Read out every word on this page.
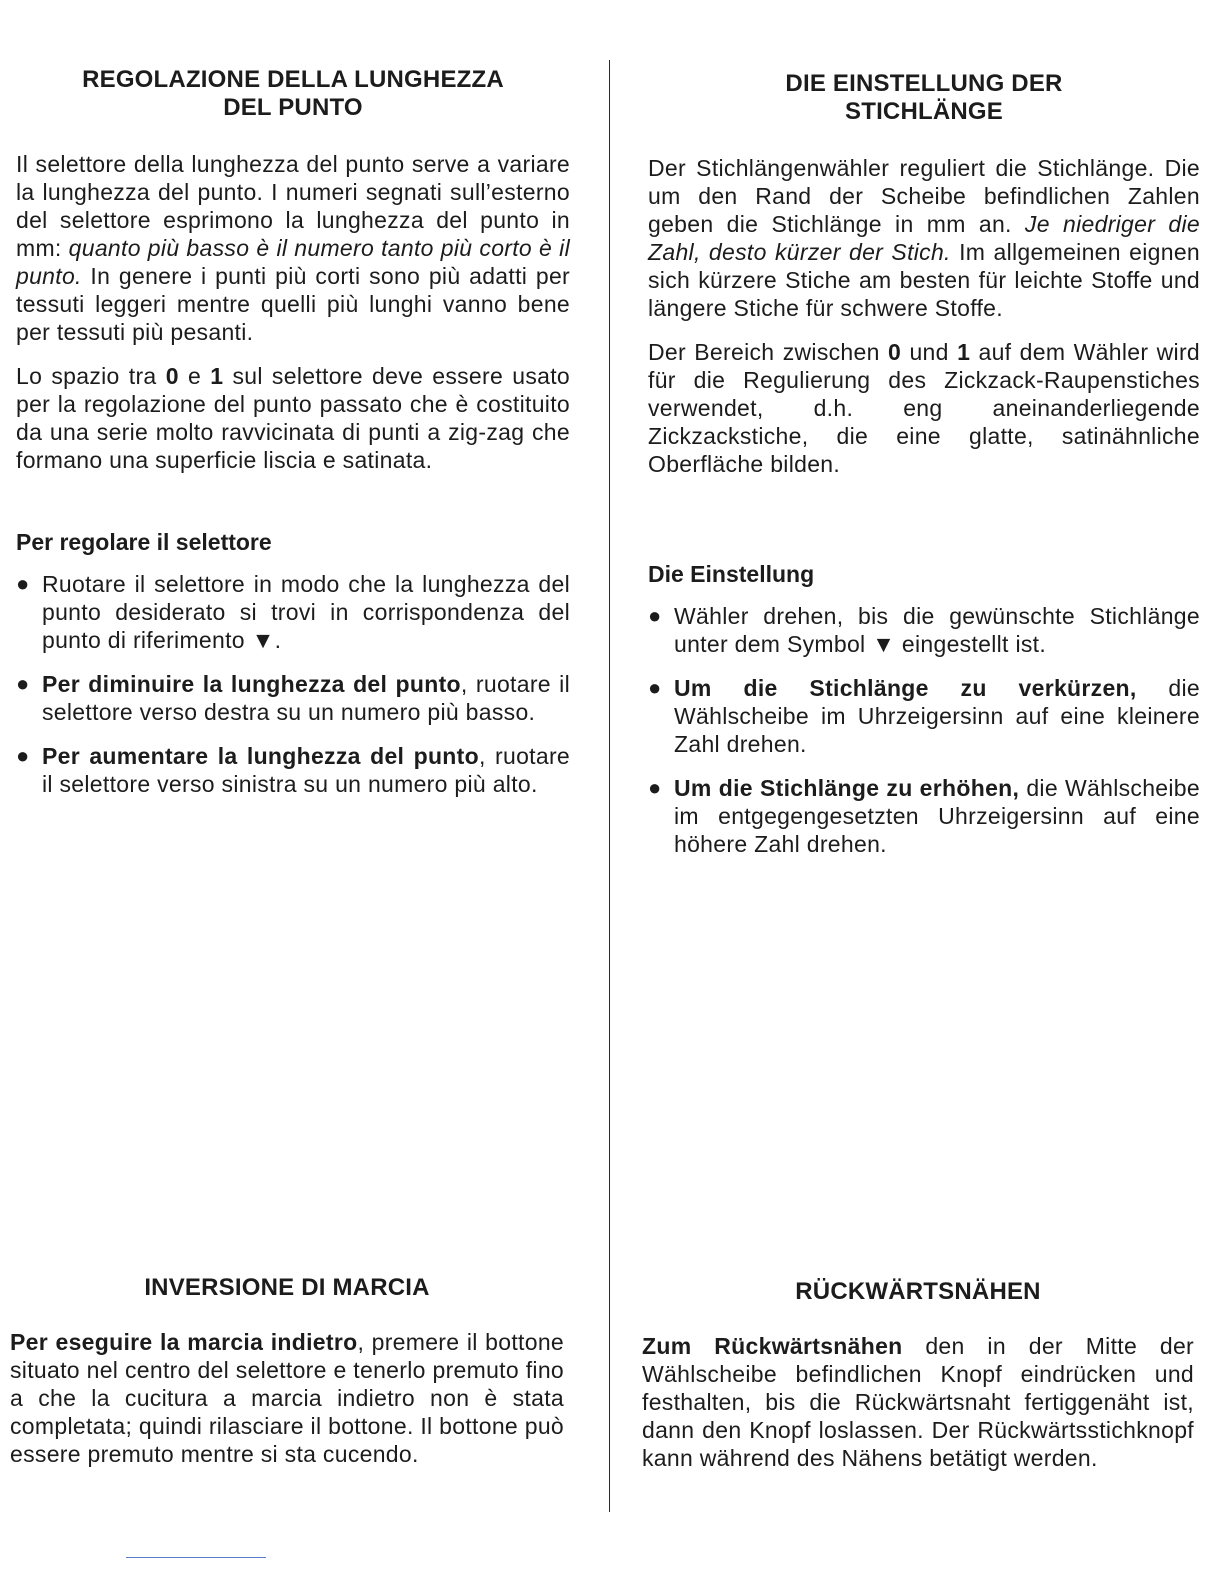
REGOLAZIONE DELLA LUNGHEZZA
DEL PUNTO

Il selettore della lunghezza del punto serve a variare la lunghezza del punto. I numeri segnati sull’esterno del selettore esprimono la lunghezza del punto in mm: quanto più basso è il numero tanto più corto è il punto. In genere i punti più corti sono più adatti per tessuti leggeri mentre quelli più lunghi vanno bene per tessuti più pesanti.

Lo spazio tra 0 e 1 sul selettore deve essere usato per la regolazione del punto passato che è costituito da una serie molto ravvicinata di punti a zig-zag che formano una superficie liscia e satinata.

Per regolare il selettore
● Ruotare il selettore in modo che la lunghezza del punto desiderato si trovi in corrispondenza del punto di riferimento ▼.
● Per diminuire la lunghezza del punto, ruotare il selettore verso destra su un numero più basso.
● Per aumentare la lunghezza del punto, ruotare il selettore verso sinistra su un numero più alto.
DIE EINSTELLUNG DER
STICHLÄNGE

Der Stichlängenwähler reguliert die Stichlänge. Die um den Rand der Scheibe befindlichen Zahlen geben die Stichlänge in mm an. Je niedriger die Zahl, desto kürzer der Stich. Im allgemeinen eignen sich kürzere Stiche am besten für leichte Stoffe und längere Stiche für schwere Stoffe.

Der Bereich zwischen 0 und 1 auf dem Wähler wird für die Regulierung des Zickzack-Raupenstiches verwendet, d.h. eng aneinanderliegende Zickzackstiche, die eine glatte, satinähnliche Oberfläche bilden.

Die Einstellung
● Wähler drehen, bis die gewünschte Stichlänge unter dem Symbol ▼ eingestellt ist.
● Um die Stichlänge zu verkürzen, die Wählscheibe im Uhrzeigersinn auf eine kleinere Zahl drehen.
● Um die Stichlänge zu erhöhen, die Wählscheibe im entgegengesetzten Uhrzeigersinn auf eine höhere Zahl drehen.
INVERSIONE DI MARCIA

Per eseguire la marcia indietro, premere il bottone situato nel centro del selettore e tenerlo premuto fino a che la cucitura a marcia indietro non è stata completata; quindi rilasciare il bottone. Il bottone può essere premuto mentre si sta cucendo.

RÜCKWÄRTSNÄHEN

Zum Rückwärtsnähen den in der Mitte der Wählscheibe befindlichen Knopf eindrücken und festhalten, bis die Rückwärtsnaht fertiggenäht ist, dann den Knopf loslassen. Der Rückwärtsstichknopf kann während des Nähens betätigt werden.
